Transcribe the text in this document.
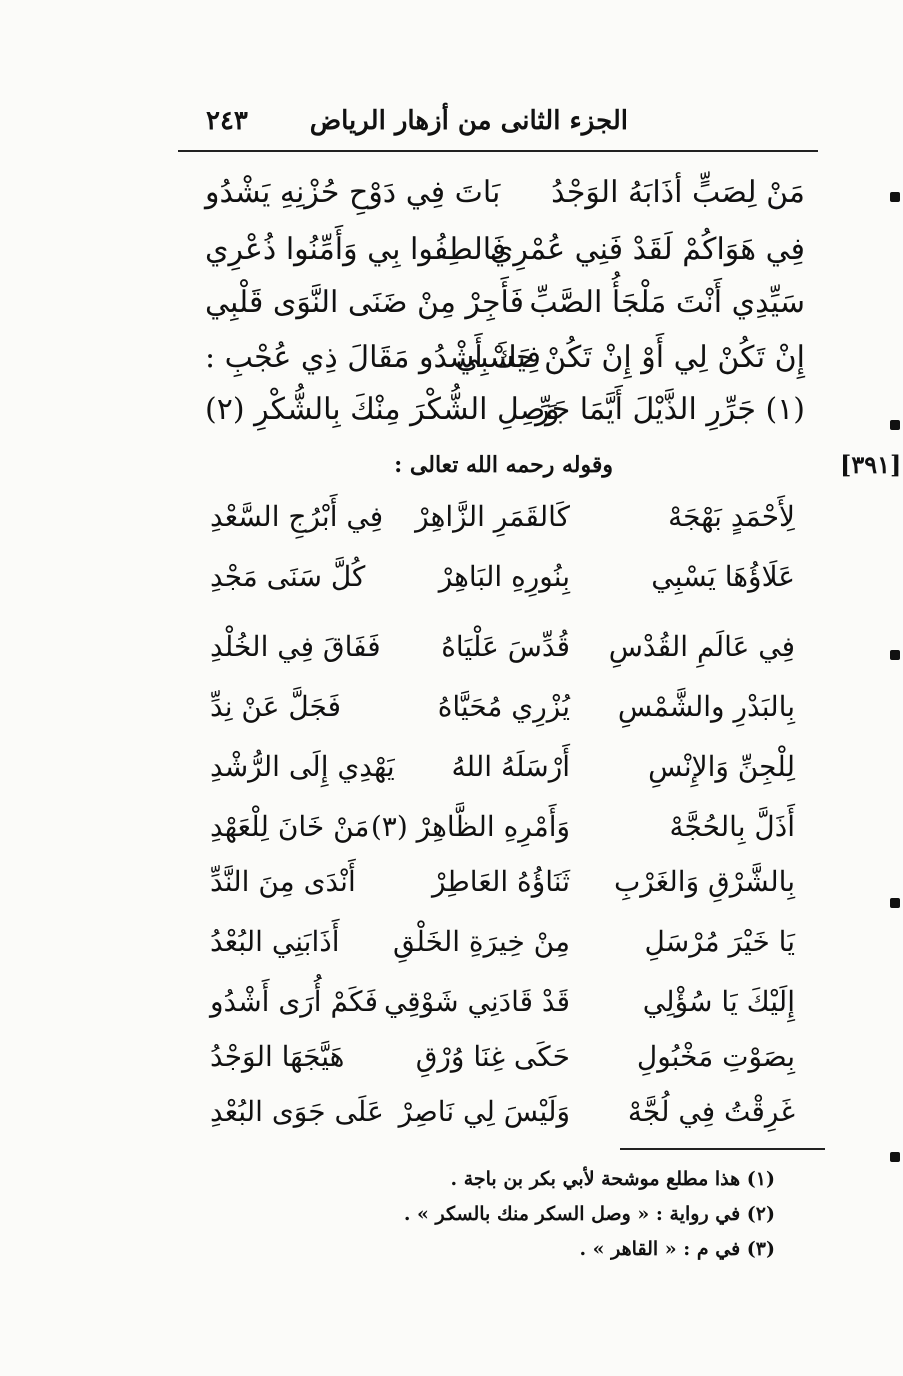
الجزء الثانى من أزهار الرياض
٢٤٣
مَنْ لِصَبٍّ أذَابَهُ الوَجْدُ
بَاتَ فِي دَوْحِ حُزْنِهِ يَشْدُو
فِي هَوَاكُمْ لَقَدْ فَنِي عُمْرِي
فَالطِفُوا بِي وَأَمِّنُوا ذُعْرِي
سَيِّدِي أَنْتَ مَلْجَأُ الصَّبِّ
فَأَجِرْ مِنْ ضَنَى النَّوَى قَلْبِي
إِنْ تَكُنْ لِي أَوْ إِنْ تَكُنْ حَسْبِي
فِيكَ أَشْدُو مَقَالَ ذِي عُجْبِ :
(١) جَرِّرِ الذَّيْلَ أَيَّمَا جَرِّ
وَصِلِ الشُّكْرَ مِنْكَ بِالشُّكْرِ (٢)
وقوله رحمه الله تعالى :	[٣٩١]
لِأَحْمَدٍ بَهْجَهْ
كَالقَمَرِ الزَّاهِرْ
فِي أَبْرُجِ السَّعْدِ
عَلَاؤُهَا يَسْبِي
بِنُورِهِ البَاهِرْ
كُلَّ سَنَى مَجْدِ
فِي عَالَمِ القُدْسِ
قُدِّسَ عَلْيَاهُ
فَفَاقَ فِي الخُلْدِ
بِالبَدْرِ والشَّمْسِ
يُزْرِي مُحَيَّاهُ
فَجَلَّ عَنْ نِدِّ
لِلْجِنِّ وَالإِنْسِ
أَرْسَلَهُ اللهُ
يَهْدِي إِلَى الرُّشْدِ
أَذَلَّ بِالحُجَّهْ
وَأَمْرِهِ الظَّاهِرْ (٣)
مَنْ خَانَ لِلْعَهْدِ
بِالشَّرْقِ وَالغَرْبِ
ثَنَاؤُهُ العَاطِرْ
أَنْدَى مِنَ النَّدِّ
يَا خَيْرَ مُرْسَلِ
مِنْ خِيرَةِ الخَلْقِ
أَذَابَنِي البُعْدُ
إِلَيْكَ يَا سُؤْلِي
قَدْ قَادَنِي شَوْقِي
فَكَمْ أُرَى أَشْدُو
بِصَوْتِ مَخْبُولِ
حَكَى غِنَا وُرْقِ
هَيَّجَهَا الوَجْدُ
غَرِقْتُ فِي لُجَّهْ
وَلَيْسَ لِي نَاصِرْ
عَلَى جَوَى البُعْدِ
(١) هذا مطلع موشحة لأبي بكر بن باجة .
(٢) في رواية : « وصل السكر منك بالسكر » .
(٣) في م : « القاهر » .
